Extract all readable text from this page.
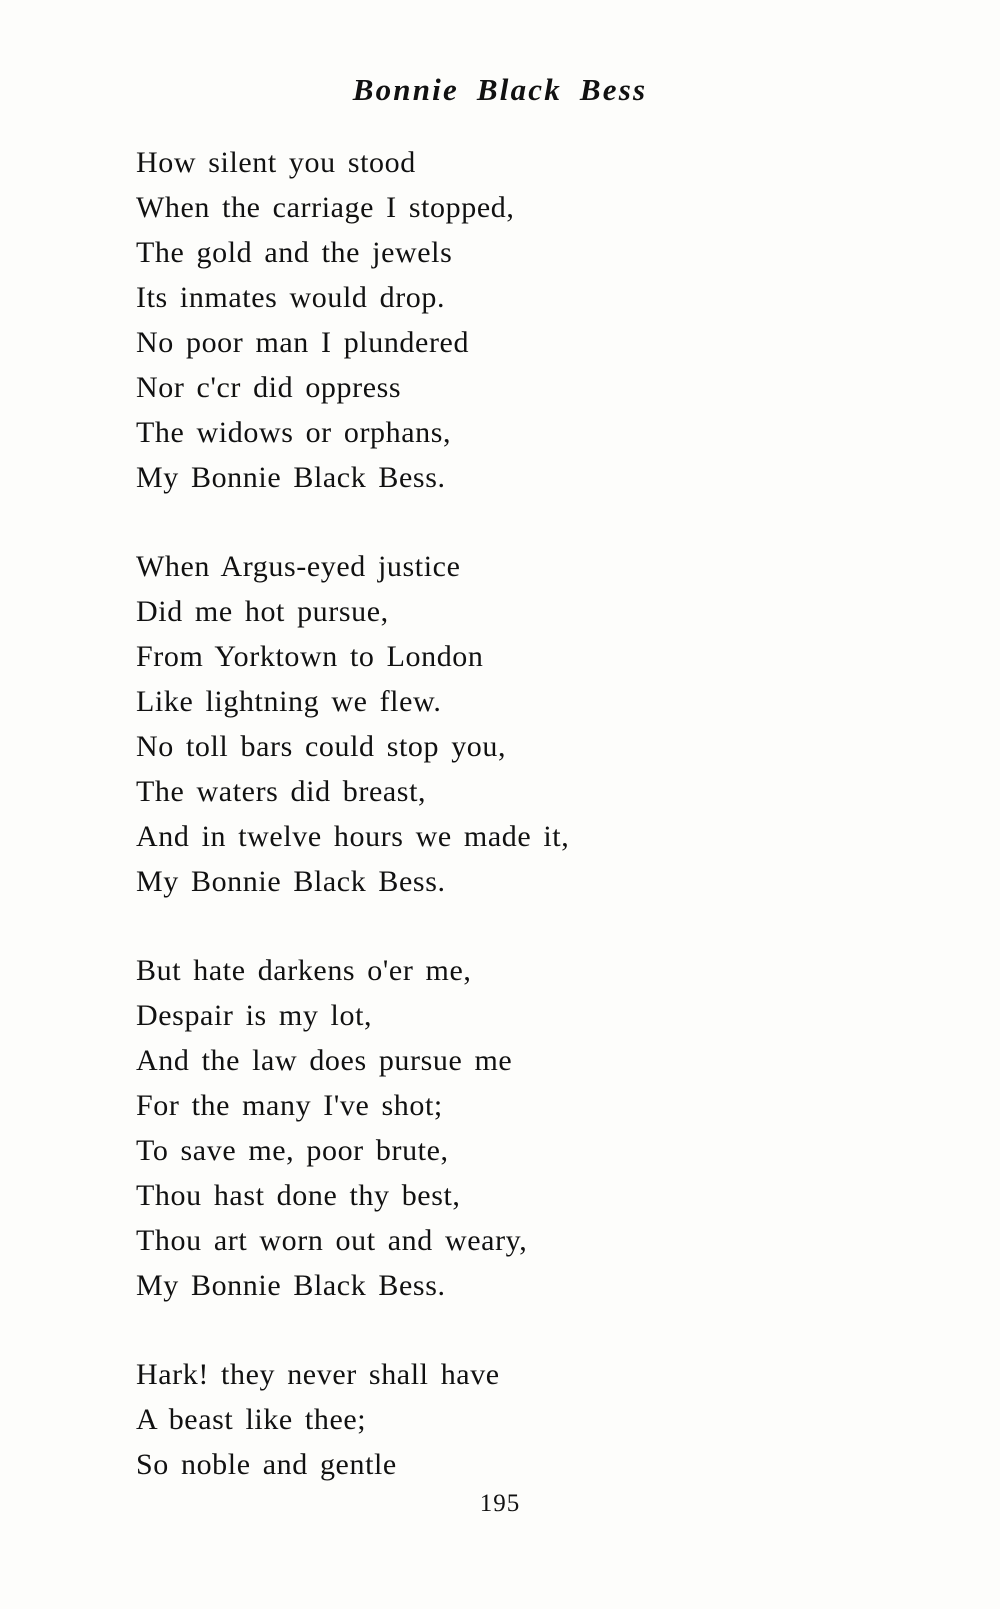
Bonnie Black Bess
How silent you stood
When the carriage I stopped,
The gold and the jewels
Its inmates would drop.
No poor man I plundered
Nor c'cr did oppress
The widows or orphans,
My Bonnie Black Bess.
When Argus-eyed justice
Did me hot pursue,
From Yorktown to London
Like lightning we flew.
No toll bars could stop you,
The waters did breast,
And in twelve hours we made it,
My Bonnie Black Bess.
But hate darkens o'er me,
Despair is my lot,
And the law does pursue me
For the many I've shot;
To save me, poor brute,
Thou hast done thy best,
Thou art worn out and weary,
My Bonnie Black Bess.
Hark! they never shall have
A beast like thee;
So noble and gentle
195
